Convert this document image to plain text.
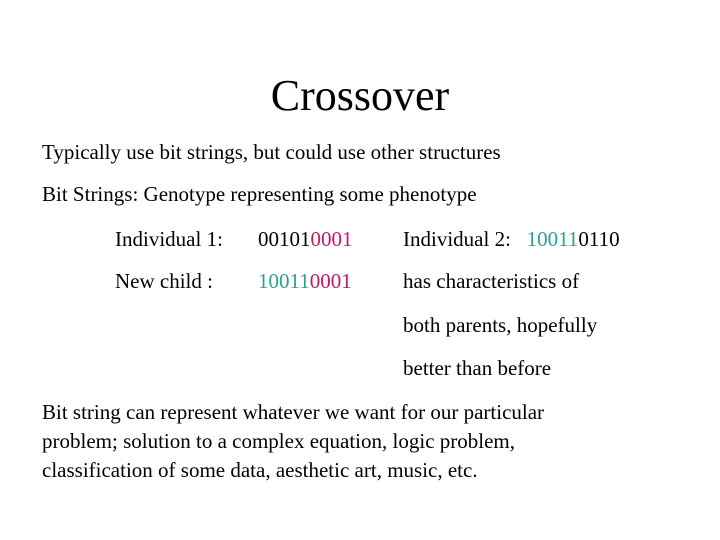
Crossover
Typically use bit strings, but could use other structures
Bit Strings: Genotype representing some phenotype
Individual 1: 001010001 Individual 2: 100110110
New child : 100110001 has characteristics of
both parents, hopefully
better than before
Bit string can represent whatever we want for our particular
problem; solution to a complex equation, logic problem,
classification of some data, aesthetic art, music, etc.
